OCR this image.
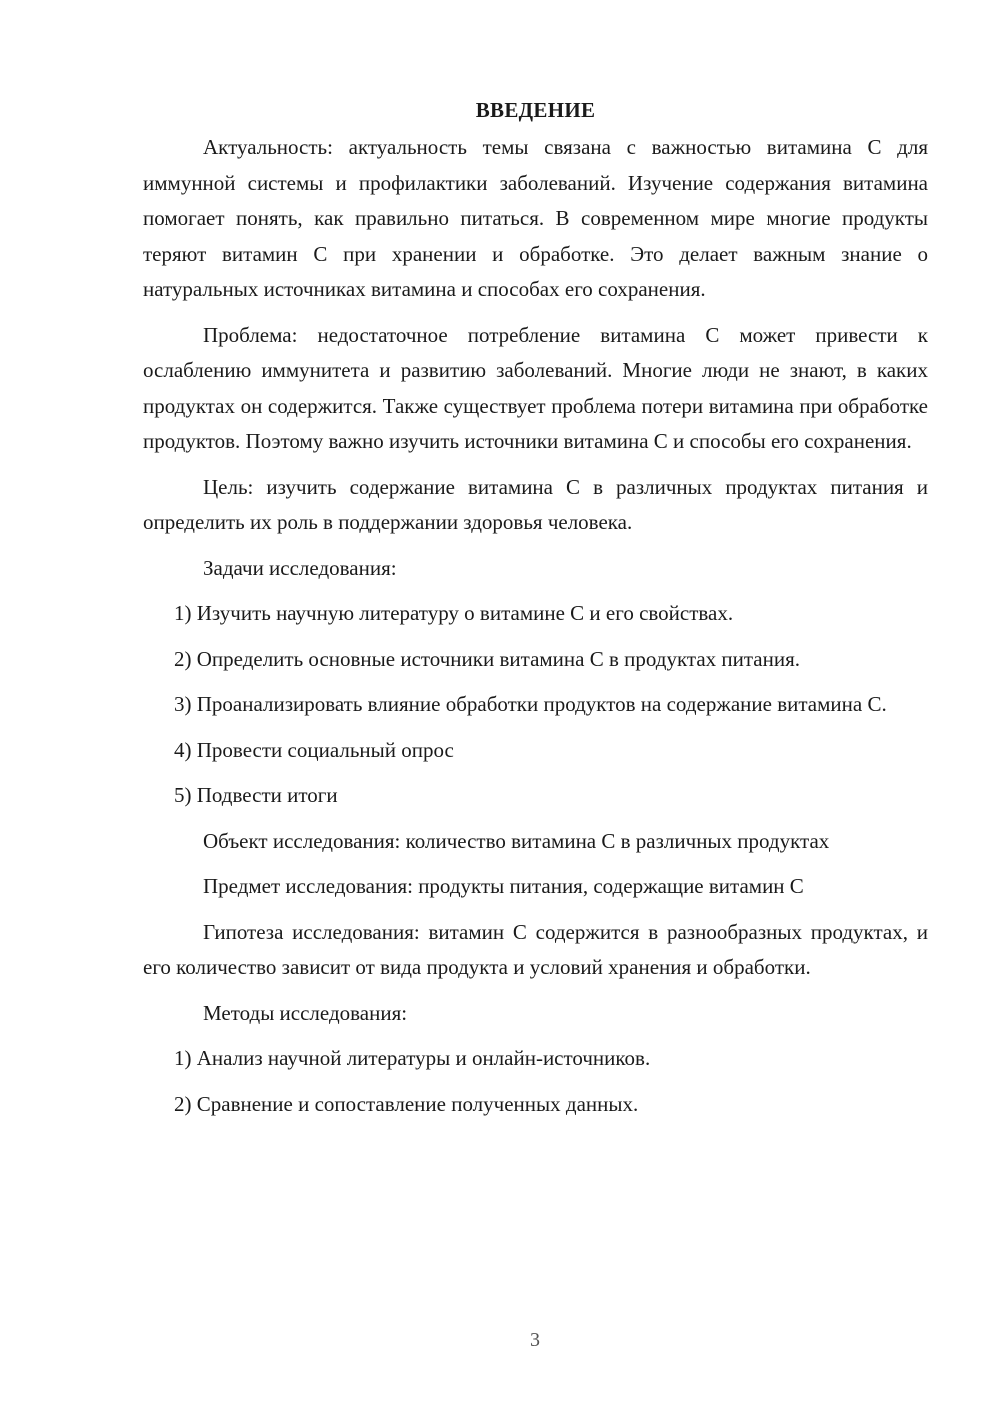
ВВЕДЕНИЕ

Актуальность: актуальность темы связана с важностью витамина С для иммунной системы и профилактики заболеваний. Изучение содержания витамина помогает понять, как правильно питаться. В современном мире многие продукты теряют витамин С при хранении и обработке. Это делает важным знание о натуральных источниках витамина и способах его сохранения.

Проблема: недостаточное потребление витамина С может привести к ослаблению иммунитета и развитию заболеваний. Многие люди не знают, в каких продуктах он содержится. Также существует проблема потери витамина при обработке продуктов. Поэтому важно изучить источники витамина С и способы его сохранения.

Цель: изучить содержание витамина С в различных продуктах питания и определить их роль в поддержании здоровья человека.

Задачи исследования:

1) Изучить научную литературу о витамине С и его свойствах.

2) Определить основные источники витамина С в продуктах питания.

3) Проанализировать влияние обработки продуктов на содержание витамина С.

4) Провести социальный опрос

5) Подвести итоги

Объект исследования: количество витамина С в различных продуктах

Предмет исследования: продукты питания, содержащие витамин С

Гипотеза исследования: витамин С содержится в разнообразных продуктах, и его количество зависит от вида продукта и условий хранения и обработки.

Методы исследования:

1) Анализ научной литературы и онлайн-источников.

2) Сравнение и сопоставление полученных данных.

3
